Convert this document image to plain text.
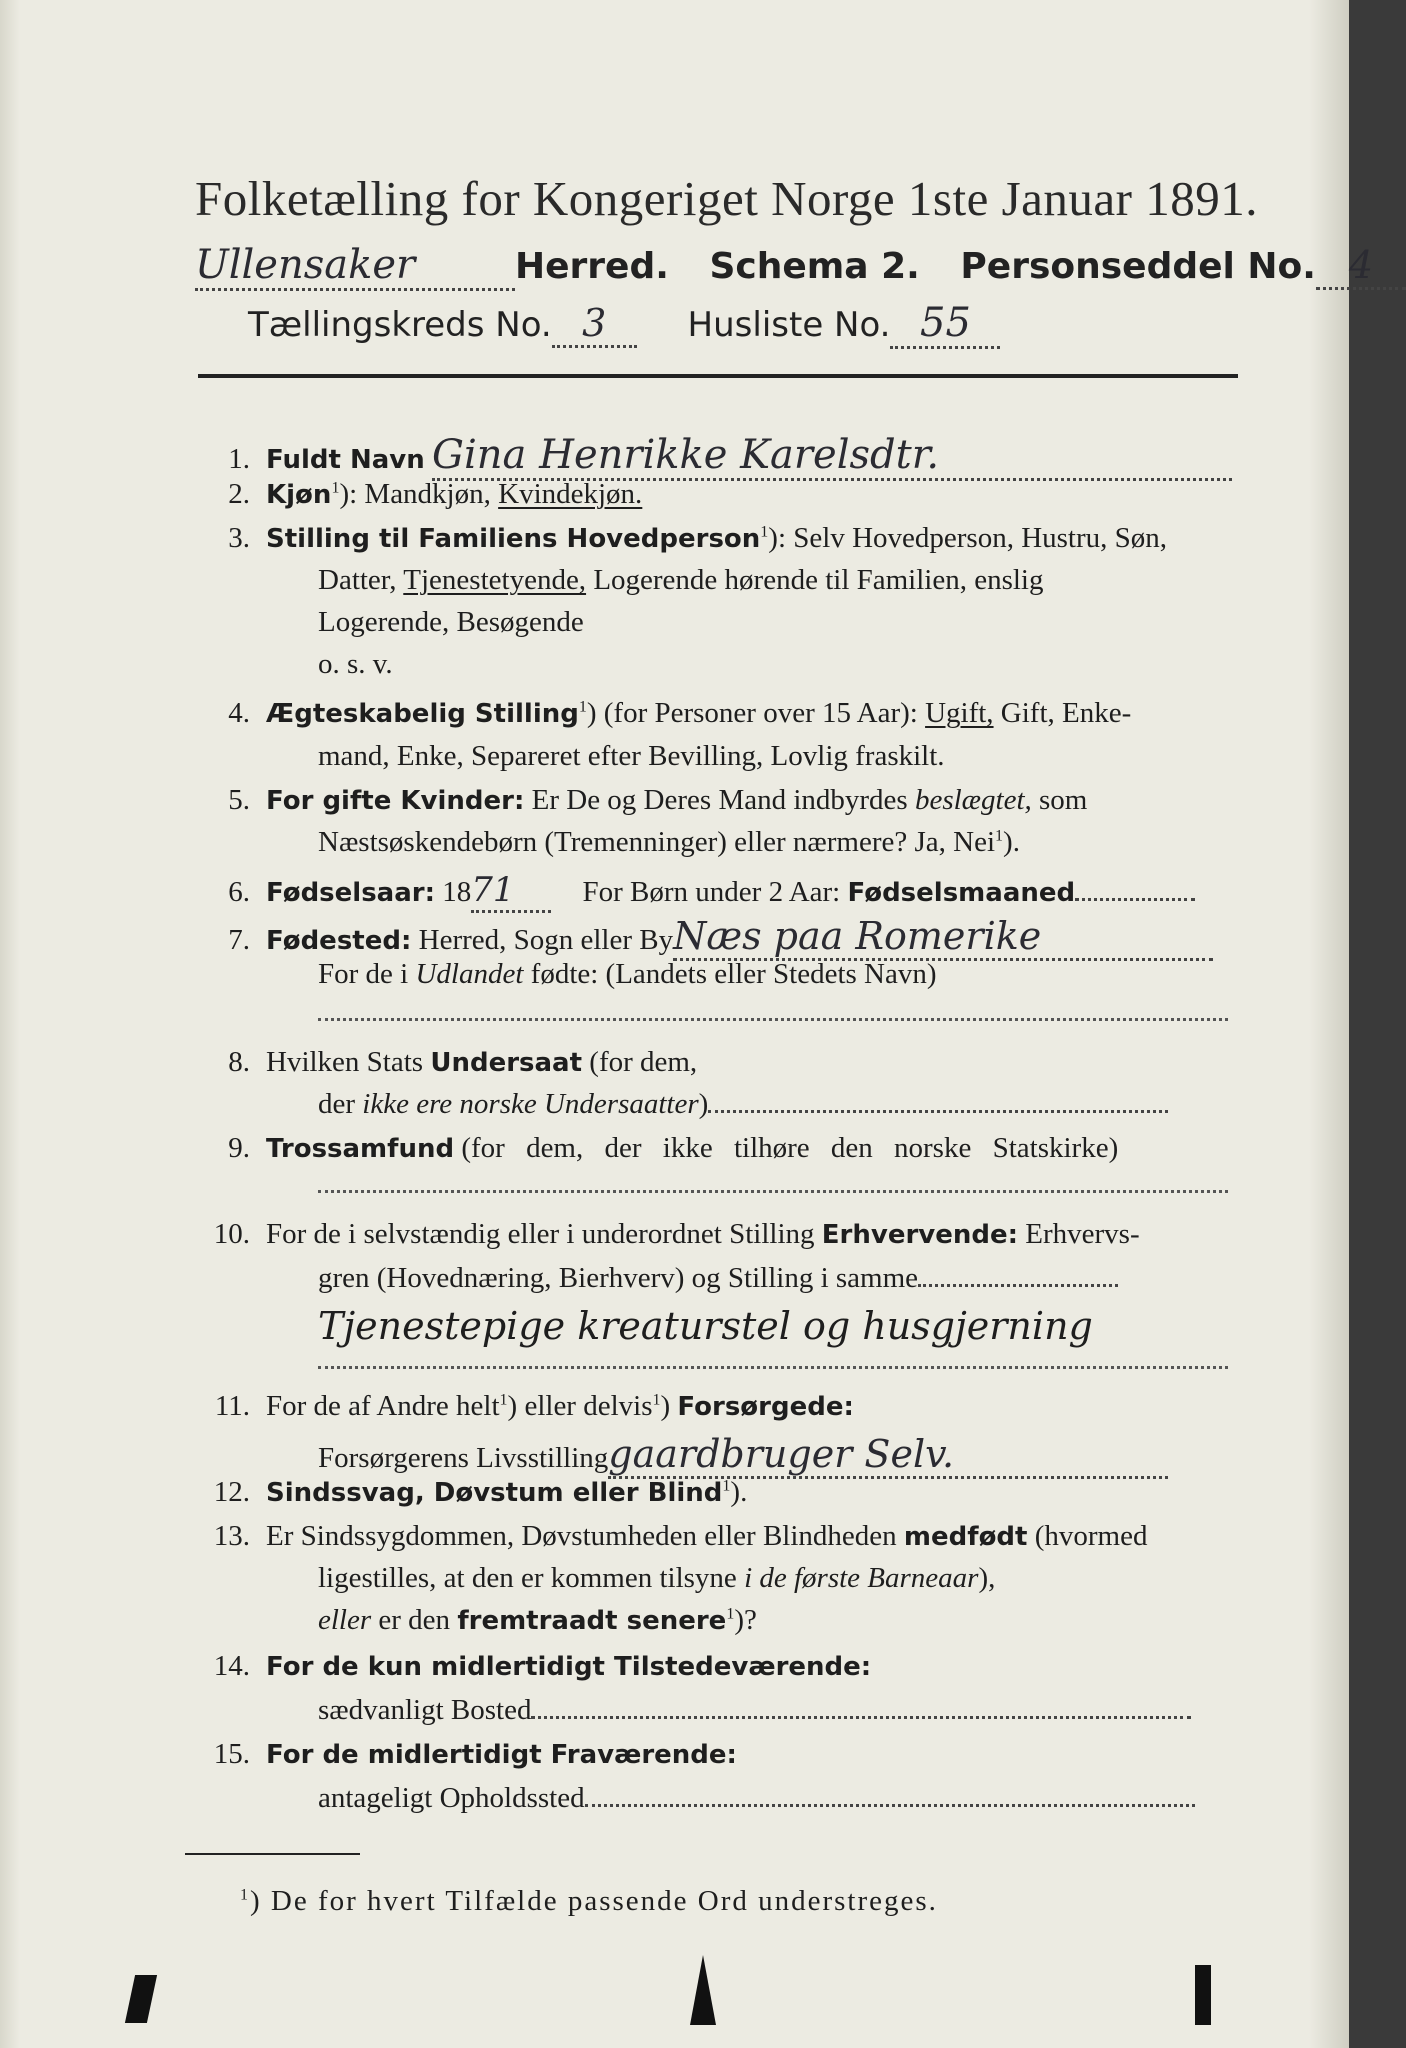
Folketælling for Kongeriget Norge 1ste Januar 1891.
Ullensaker	Herred. Schema 2. Personseddel No. 4
Tællingskreds No. 3 Husliste No. 55
1. Fuldt Navn Gina Henrikke Karelsdtr.
2. Kjøn$^1$): Mandkjøn, Kvindekjøn.
3. Stilling til Familiens Hovedperson$^1$): Selv Hovedperson, Hustru, Søn,
Datter, Tjenestetyende, Logerende hørende til Familien, enslig
Logerende, Besøgende
o. s. v.
4. Ægteskabelig Stilling$^1$) (for Personer over 15 Aar): Ugift, Gift, Enke-
mand, Enke, Separeret efter Bevilling, Lovlig fraskilt.
5. For gifte Kvinder: Er De og Deres Mand indbyrdes beslægtet, som
Næstsøskendebørn (Tremenninger) eller nærmere? Ja, Nei$^1$).
6. Fødselsaar: 1871 For Børn under 2 Aar: Fødselsmaaned
7. Fødested: Herred, Sogn eller ByNæs paa Romerike
For de i Udlandet fødte: (Landets eller Stedets Navn)
8. Hvilken Stats Undersaat (for dem,
der ikke ere norske Undersaatter)
9. Trossamfund (for dem, der ikke tilhøre den norske Statskirke)
10. For de i selvstændig eller i underordnet Stilling Erhvervende: Erhvervs-
gren (Hovednæring, Bierhverv) og Stilling i samme
Tjenestepige kreaturstel og husgjerning
11. For de af Andre helt$^1$) eller delvis$^1$) Forsørgede:
Forsørgerens Livsstillinggaardbruger Selv.
12. Sindssvag, Døvstum eller Blind$^1$).
13. Er Sindssygdommen, Døvstumheden eller Blindheden medfødt (hvormed
ligestilles, at den er kommen tilsyne i de første Barneaar),
eller er den fremtraadt senere$^1$)?
14. For de kun midlertidigt Tilstedeværende:
sædvanligt Bosted
15. For de midlertidigt Fraværende:
antageligt Opholdssted
$^1$) De for hvert Tilfælde passende Ord understreges.
